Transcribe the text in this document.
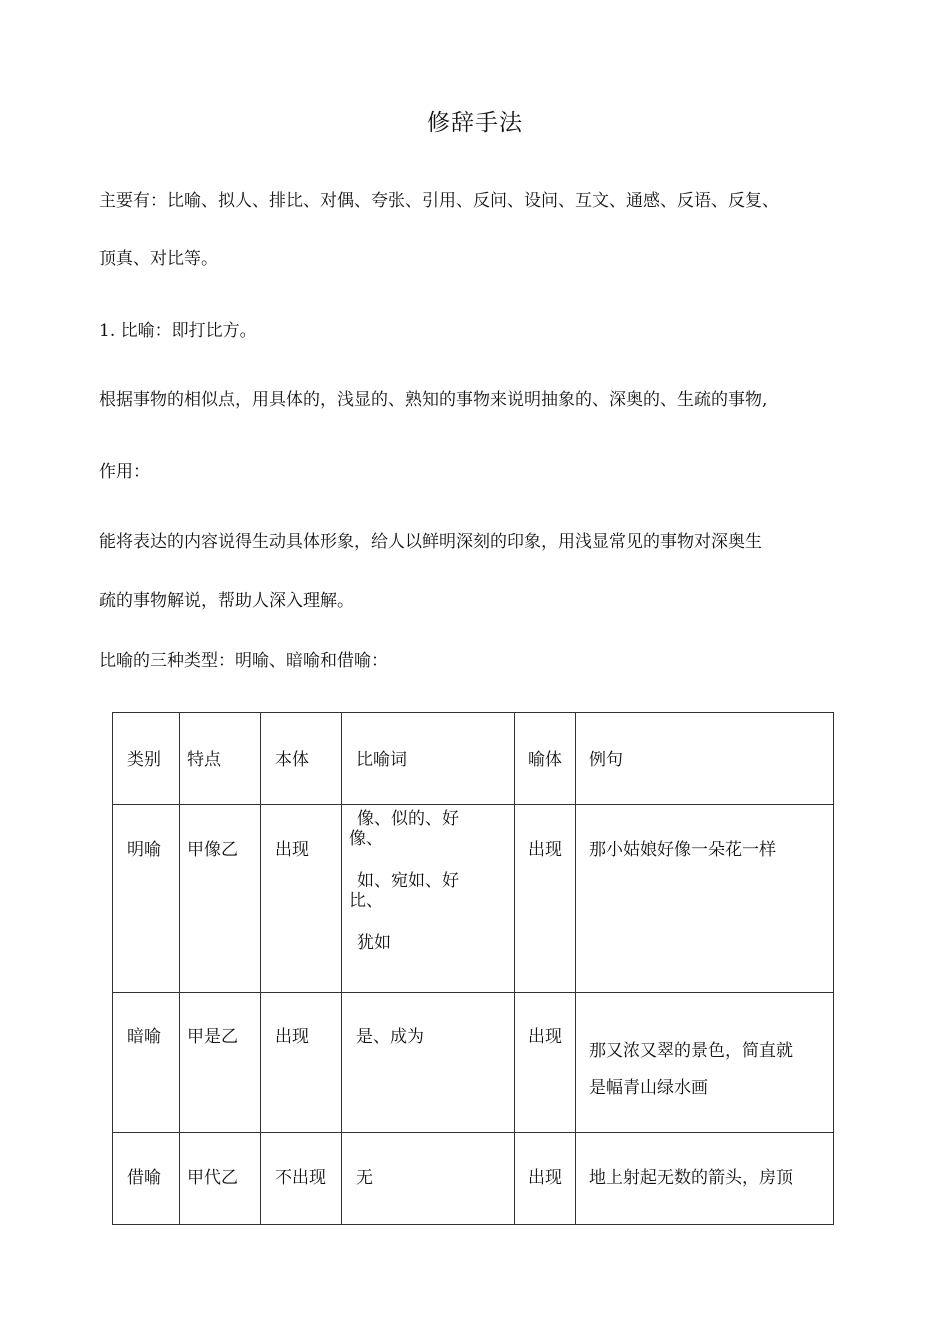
修辞手法
主要有：比喻、拟人、排比、对偶、夸张、引用、反问、设问、互文、通感、反语、反复、
顶真、对比等。
1. 比喻：即打比方。
根据事物的相似点，用具体的，浅显的、熟知的事物来说明抽象的、深奥的、生疏的事物,
作用：
能将表达的内容说得生动具体形象，给人以鲜明深刻的印象，用浅显常见的事物对深奥生
疏的事物解说，帮助人深入理解。
比喻的三种类型：明喻、暗喻和借喻：
类别	特点	本体	比喻词	喻体	例句

明喻	甲像乙	出现	像、似的、好
像、
如、宛如、好
比、
犹如	出现	那小姑娘好像一朵花一样

暗喻	甲是乙	出现	是、成为	出现	那又浓又翠的景色，简直就
是幅青山绿水画

借喻	甲代乙	不出现	无	出现	地上射起无数的箭头，房顶
